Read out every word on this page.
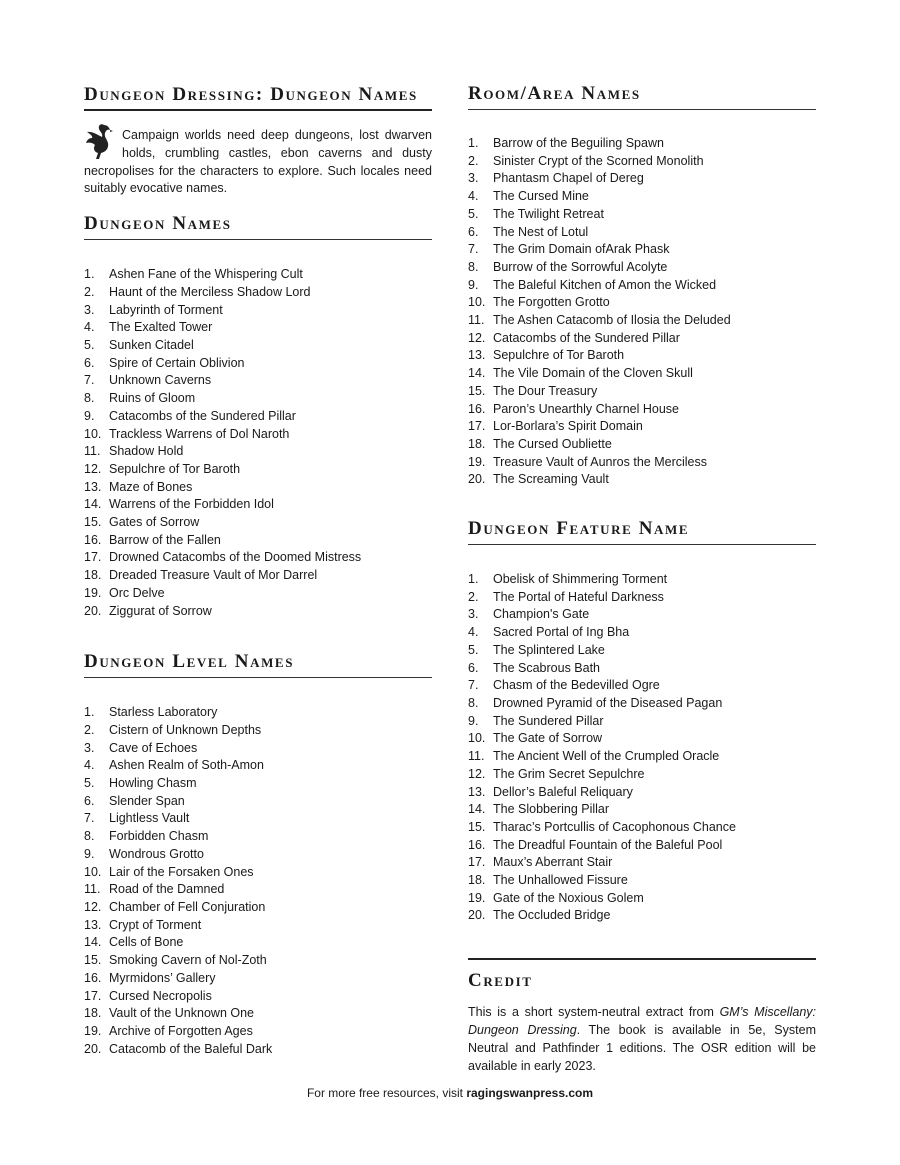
Dungeon Dressing: Dungeon Names
Campaign worlds need deep dungeons, lost dwarven holds, crumbling castles, ebon caverns and dusty necropolises for the characters to explore. Such locales need suitably evocative names.
Dungeon Names
1.	Ashen Fane of the Whispering Cult
2.	Haunt of the Merciless Shadow Lord
3.	Labyrinth of Torment
4.	The Exalted Tower
5.	Sunken Citadel
6.	Spire of Certain Oblivion
7.	Unknown Caverns
8.	Ruins of Gloom
9.	Catacombs of the Sundered Pillar
10. Trackless Warrens of Dol Naroth
11. Shadow Hold
12. Sepulchre of Tor Baroth
13. Maze of Bones
14. Warrens of the Forbidden Idol
15. Gates of Sorrow
16. Barrow of the Fallen
17. Drowned Catacombs of the Doomed Mistress
18. Dreaded Treasure Vault of Mor Darrel
19. Orc Delve
20. Ziggurat of Sorrow
Dungeon Level Names
1.	Starless Laboratory
2.	Cistern of Unknown Depths
3.	Cave of Echoes
4.	Ashen Realm of Soth-Amon
5.	Howling Chasm
6.	Slender Span
7.	Lightless Vault
8.	Forbidden Chasm
9.	Wondrous Grotto
10. Lair of the Forsaken Ones
11. Road of the Damned
12. Chamber of Fell Conjuration
13. Crypt of Torment
14. Cells of Bone
15. Smoking Cavern of Nol-Zoth
16. Myrmidons’ Gallery
17. Cursed Necropolis
18. Vault of the Unknown One
19. Archive of Forgotten Ages
20. Catacomb of the Baleful Dark
Room/Area Names
1.	Barrow of the Beguiling Spawn
2.	Sinister Crypt of the Scorned Monolith
3.	Phantasm Chapel of Dereg
4.	The Cursed Mine
5.	The Twilight Retreat
6.	The Nest of Lotul
7.	The Grim Domain ofArak Phask
8.	Burrow of the Sorrowful Acolyte
9.	The Baleful Kitchen of Amon the Wicked
10. The Forgotten Grotto
11. The Ashen Catacomb of Ilosia the Deluded
12. Catacombs of the Sundered Pillar
13. Sepulchre of Tor Baroth
14. The Vile Domain of the Cloven Skull
15. The Dour Treasury
16. Paron’s Unearthly Charnel House
17. Lor-Borlara’s Spirit Domain
18. The Cursed Oubliette
19. Treasure Vault of Aunros the Merciless
20. The Screaming Vault
Dungeon Feature Name
1.	Obelisk of Shimmering Torment
2.	The Portal of Hateful Darkness
3.	Champion's Gate
4.	Sacred Portal of Ing Bha
5.	The Splintered Lake
6.	The Scabrous Bath
7.	Chasm of the Bedevilled Ogre
8.	Drowned Pyramid of the Diseased Pagan
9.	The Sundered Pillar
10. The Gate of Sorrow
11. The Ancient Well of the Crumpled Oracle
12. The Grim Secret Sepulchre
13. Dellor’s Baleful Reliquary
14. The Slobbering Pillar
15. Tharac’s Portcullis of Cacophonous Chance
16. The Dreadful Fountain of the Baleful Pool
17. Maux’s Aberrant Stair
18. The Unhallowed Fissure
19. Gate of the Noxious Golem
20. The Occluded Bridge
Credit

This is a short system-neutral extract from GM’s Miscellany: Dungeon Dressing. The book is available in 5e, System Neutral and Pathfinder 1 editions. The OSR edition will be available in early 2023.

For more free resources, visit ragingswanpress.com
